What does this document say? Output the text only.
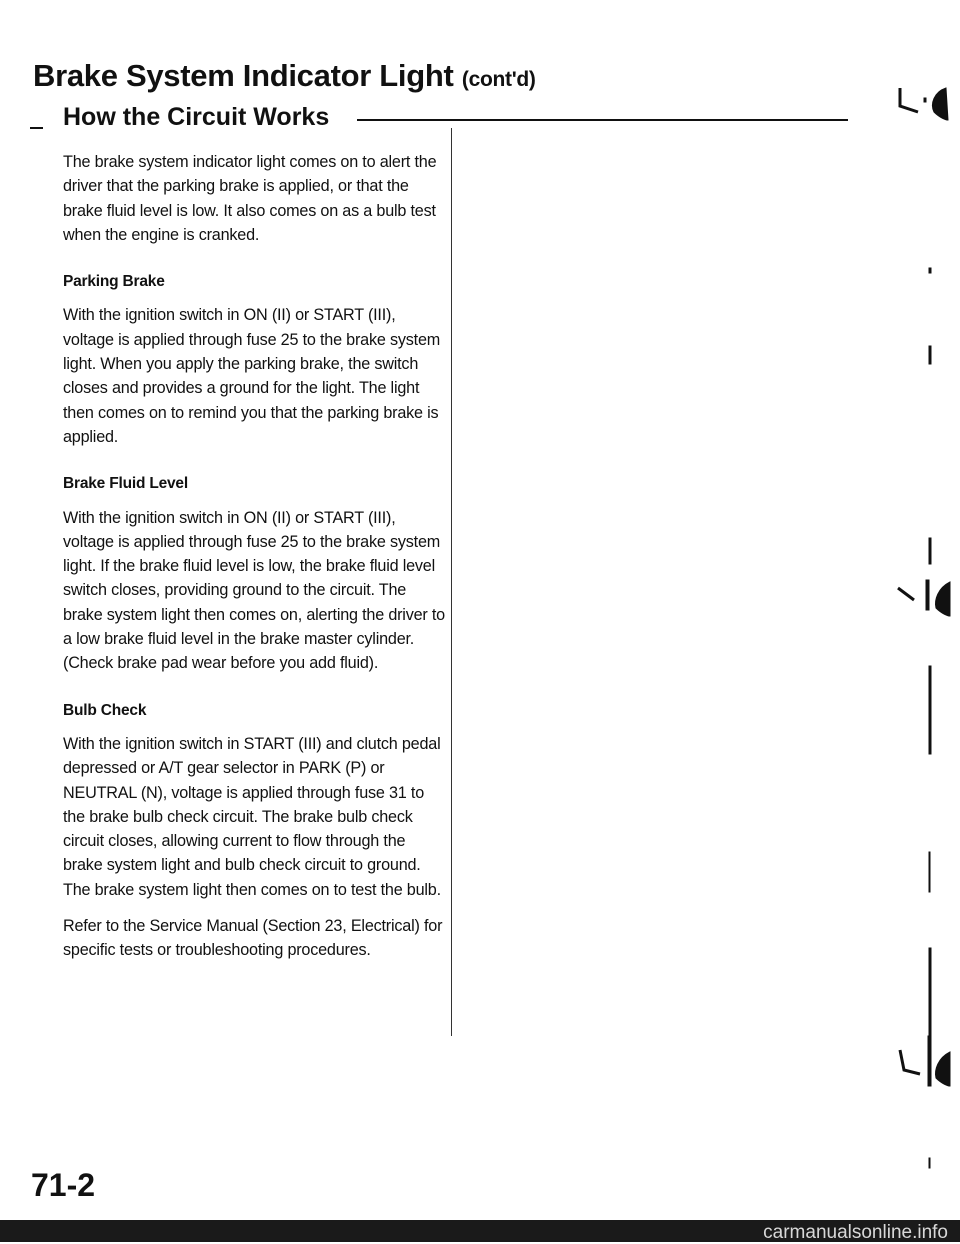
Brake System Indicator Light (cont'd)
How the Circuit Works

The brake system indicator light comes on to alert the driver that the parking brake is applied, or that the brake fluid level is low. It also comes on as a bulb test when the engine is cranked.

Parking Brake

With the ignition switch in ON (II) or START (III), voltage is applied through fuse 25 to the brake system light. When you apply the parking brake, the switch closes and provides a ground for the light. The light then comes on to remind you that the parking brake is applied.

Brake Fluid Level

With the ignition switch in ON (II) or START (III), voltage is applied through fuse 25 to the brake system light. If the brake fluid level is low, the brake fluid level switch closes, providing ground to the circuit. The brake system light then comes on, alerting the driver to a low brake fluid level in the brake master cylinder. (Check brake pad wear before you add fluid).

Bulb Check

With the ignition switch in START (III) and clutch pedal depressed or A/T gear selector in PARK (P) or NEUTRAL (N), voltage is applied through fuse 31 to the brake bulb check circuit. The brake bulb check circuit closes, allowing current to flow through the brake system light and bulb check circuit to ground. The brake system light then comes on to test the bulb.

Refer to the Service Manual (Section 23, Electrical) for specific tests or troubleshooting procedures.

71-2
carmanualsonline.info
